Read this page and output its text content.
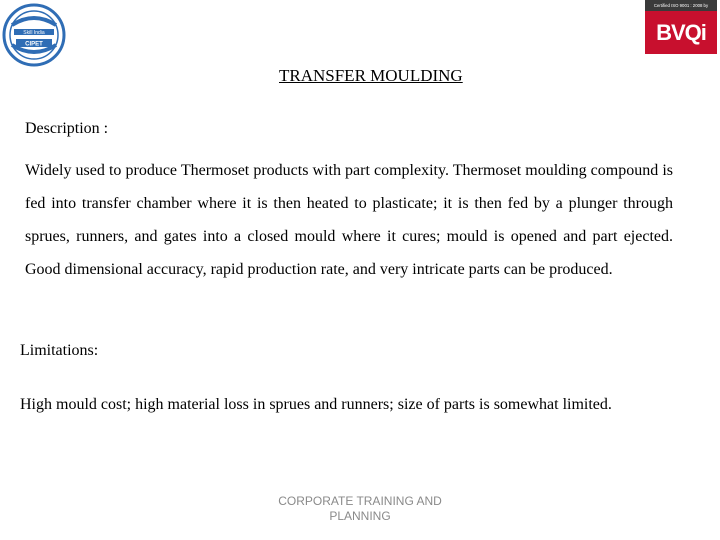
Skill India
CIPET
Certified ISO 9001 : 2008 by
BVQi
TRANSFER MOULDING
Description :

Widely used to produce Thermoset products with part complexity. Thermoset moulding compound is fed into transfer chamber where it is then heated to plasticate; it is then fed by a plunger through sprues, runners, and gates into a closed mould where it cures; mould is opened and part ejected. Good dimensional accuracy, rapid production rate, and very intricate parts can be produced.

Limitations:

High mould cost; high material loss in sprues and runners; size of parts is somewhat limited.

CORPORATE TRAINING AND
PLANNING
